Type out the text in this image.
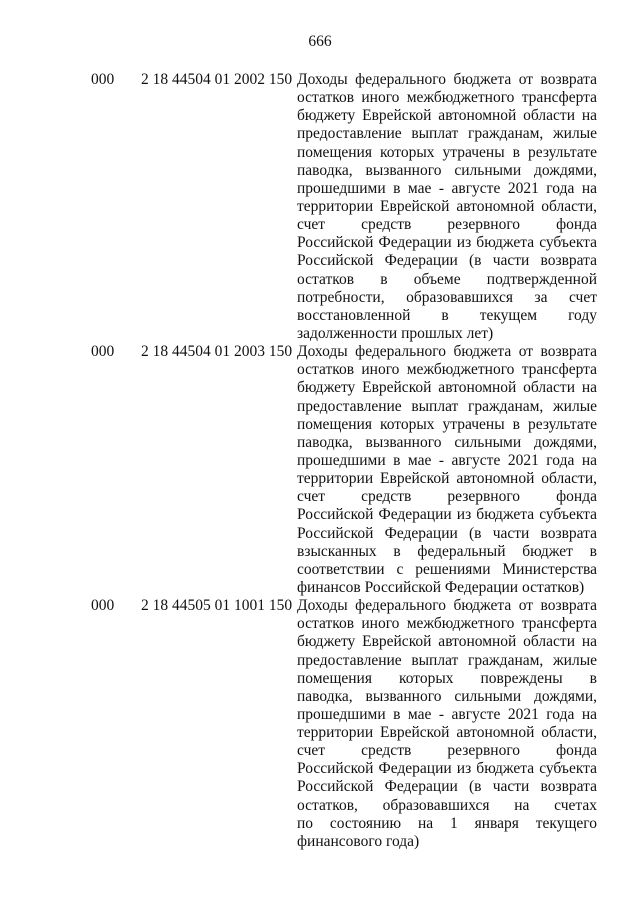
666
000	2 18 44504 01 2002 150 Доходы федерального бюджета от возврата
остатков иного межбюджетного трансферта
бюджету Еврейской автономной области на
предоставление выплат гражданам, жилые
помещения которых утрачены в результате
паводка, вызванного сильными дождями,
прошедшими в мае - августе 2021 года на
территории Еврейской автономной области,
счет средств резервного фонда
Российской Федерации из бюджета субъекта
Российской Федерации (в части возврата
остатков в объеме подтвержденной
потребности, образовавшихся за счет
восстановленной в текущем году
задолженности прошлых лет)
000	2 18 44504 01 2003 150 Доходы федерального бюджета от возврата
остатков иного межбюджетного трансферта
бюджету Еврейской автономной области на
предоставление выплат гражданам, жилые
помещения которых утрачены в результате
паводка, вызванного сильными дождями,
прошедшими в мае - августе 2021 года на
территории Еврейской автономной области,
счет средств резервного фонда
Российской Федерации из бюджета субъекта
Российской Федерации (в части возврата
взысканных в федеральный бюджет в
соответствии с решениями Министерства
финансов Российской Федерации остатков)
000	2 18 44505 01 1001 150 Доходы федерального бюджета от возврата
остатков иного межбюджетного трансферта
бюджету Еврейской автономной области на
предоставление выплат гражданам, жилые
помещения которых повреждены в
паводка, вызванного сильными дождями,
прошедшими в мае - августе 2021 года на
территории Еврейской автономной области,
счет средств резервного фонда
Российской Федерации из бюджета субъекта
Российской Федерации (в части возврата
остатков, образовавшихся на счетах
по состоянию на 1 января текущего
финансового года)
